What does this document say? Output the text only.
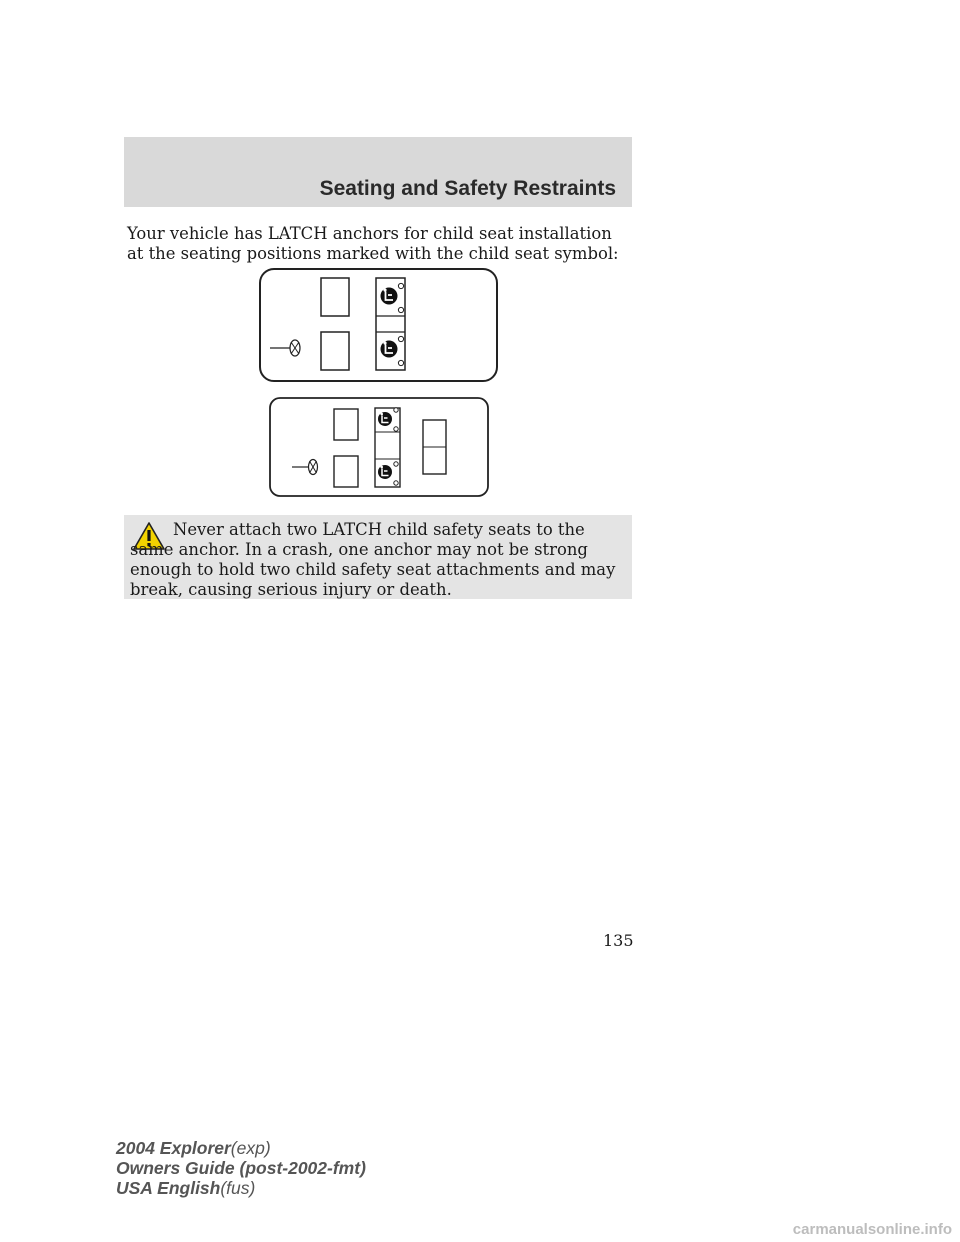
Seating and Safety Restraints

Your vehicle has LATCH anchors for child seat installation at the seating positions marked with the child seat symbol:

Never attach two LATCH child safety seats to the same anchor. In a crash, one anchor may not be strong enough to hold two child safety seat attachments and may break, causing serious injury or death.

135
2004 Explorer(exp)
Owners Guide (post-2002-fmt)
USA English(fus)
carmanualsonline.info
